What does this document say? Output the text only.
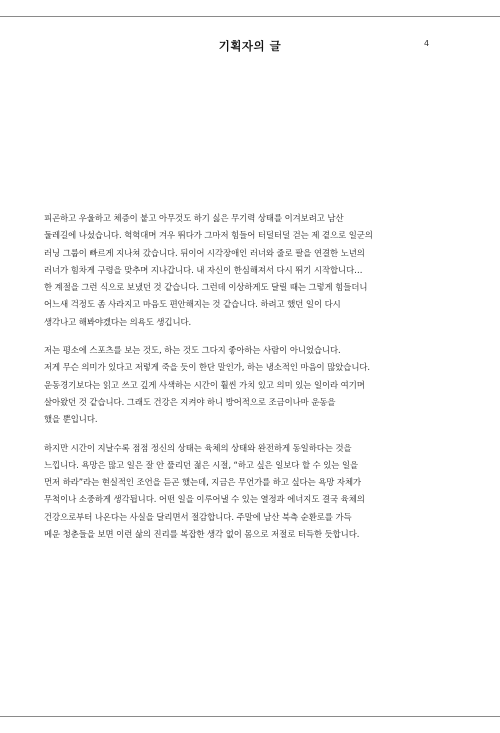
기획자의 글	4
피곤하고 우울하고 체증이 붙고 아무것도 하기 싫은 무기력 상태를 이겨보려고 남산
둘레길에 나섰습니다. 헉헉대며 겨우 뛰다가 그마저 힘들어 터덜터덜 걷는 제 곁으로 일군의
러닝 그룹이 빠르게 지나쳐 갔습니다. 뒤이어 시각장애인 러너와 줄로 팔을 연결한 노년의
러너가 힘차게 구령을 맞추며 지나갑니다. 내 자신이 한심해져서 다시 뛰기 시작합니다…
한 계절을 그런 식으로 보냈던 것 같습니다. 그런데 이상하게도 달릴 때는 그렇게 힘들더니
어느새 걱정도 좀 사라지고 마음도 편안해지는 것 같습니다. 하려고 했던 일이 다시
생각나고 해봐야겠다는 의욕도 생깁니다.
저는 평소에 스포츠를 보는 것도, 하는 것도 그다지 좋아하는 사람이 아니었습니다.
저게 무슨 의미가 있다고 저렇게 죽을 듯이 한단 말인가, 하는 냉소적인 마음이 많았습니다.
운동경기보다는 읽고 쓰고 깊게 사색하는 시간이 훨씬 가치 있고 의미 있는 일이라 여기며
살아왔던 것 같습니다. 그래도 건강은 지켜야 하니 방어적으로 조금이나마 운동을
했을 뿐입니다.
하지만 시간이 지날수록 점점 정신의 상태는 육체의 상태와 완전하게 동일하다는 것을
느낍니다. 욕망은 많고 일은 잘 안 풀리던 젊은 시절, “하고 싶은 일보다 할 수 있는 일을
먼저 하라”라는 현실적인 조언을 듣곤 했는데, 지금은 무언가를 하고 싶다는 욕망 자체가
무척이나 소중하게 생각됩니다. 어떤 일을 이루어낼 수 있는 열정과 에너지도 결국 육체의
건강으로부터 나온다는 사실을 달리면서 절감합니다. 주말에 남산 북측 순환로를 가득
메운 청춘들을 보면 이런 삶의 진리를 복잡한 생각 없이 몸으로 저절로 터득한 듯합니다.
